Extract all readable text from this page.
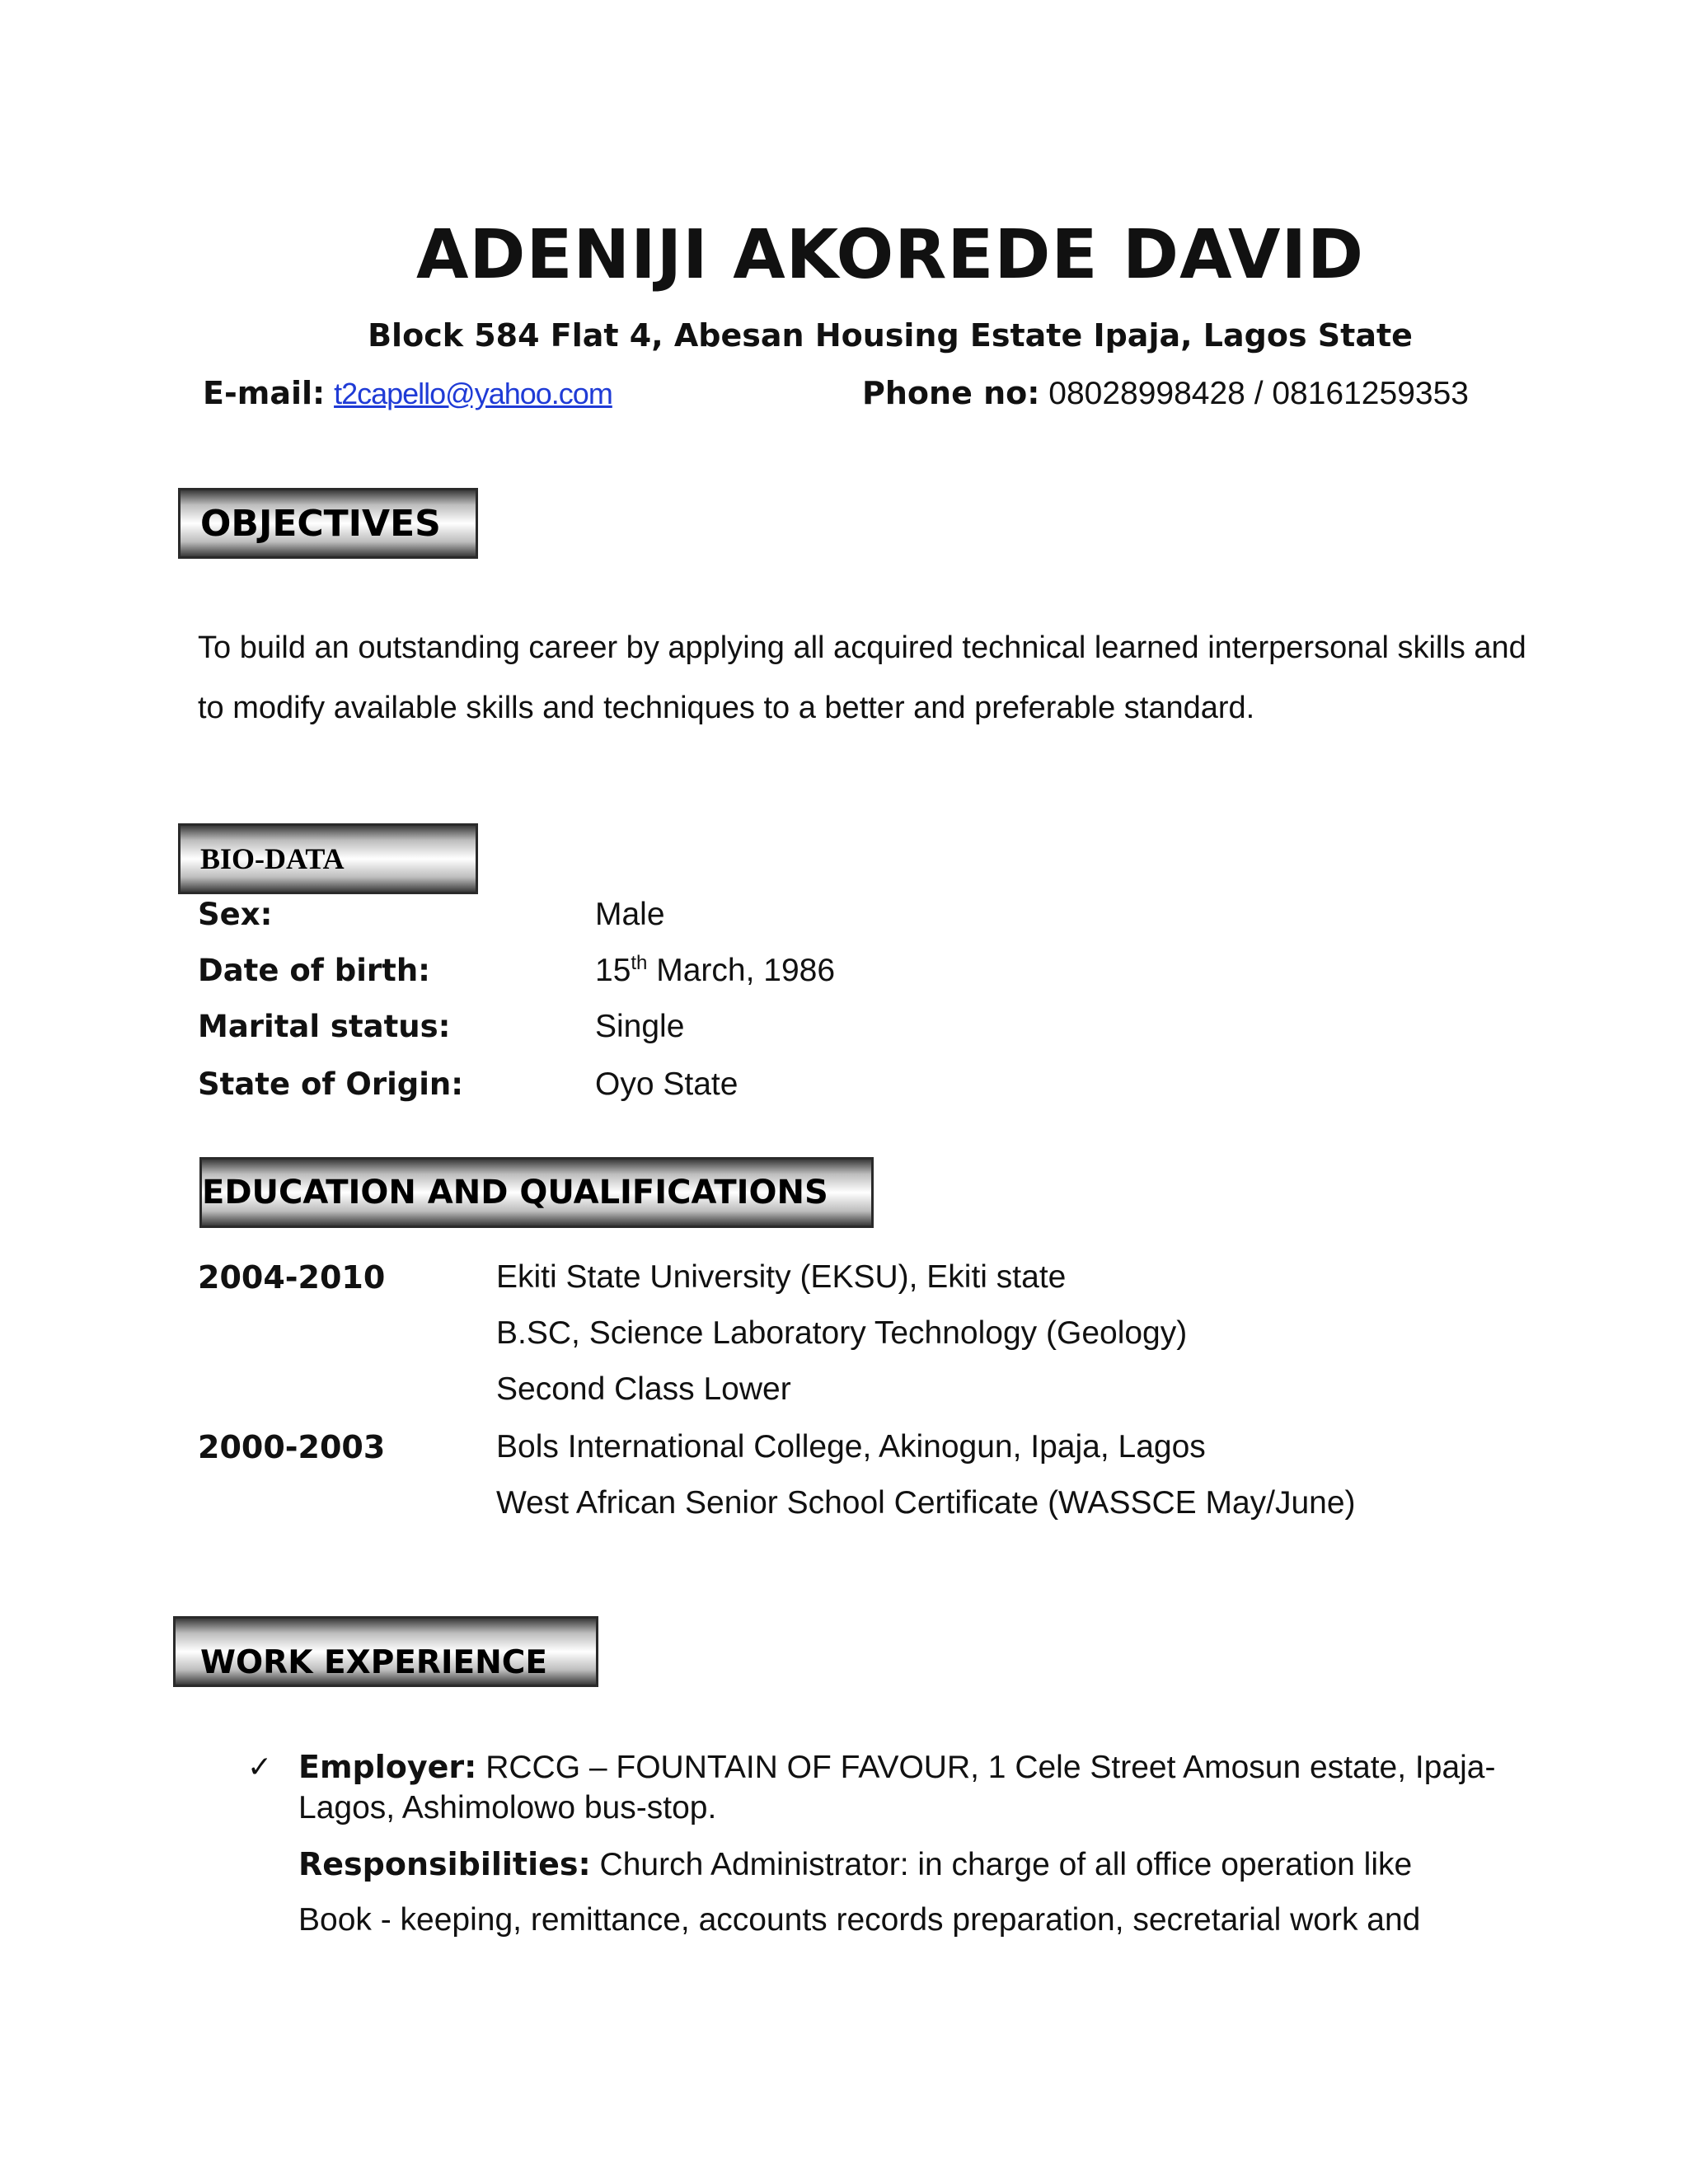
ADENIJI AKOREDE DAVID
Block 584 Flat 4, Abesan Housing Estate Ipaja, Lagos State
E-mail: t2capello@yahoo.com	Phone no: 08028998428 / 08161259353
OBJECTIVES
To build an outstanding career by applying all acquired technical learned interpersonal skills and to modify available skills and techniques to a better and preferable standard.
BIO-DATA
Sex:	Male
Date of birth:	15th March, 1986
Marital status:	Single
State of Origin:	Oyo State
EDUCATION AND QUALIFICATIONS
2004-2010	Ekiti State University (EKSU), Ekiti state
B.SC, Science Laboratory Technology (Geology)
Second Class Lower
2000-2003	Bols International College, Akinogun, Ipaja, Lagos
West African Senior School Certificate (WASSCE May/June)
WORK EXPERIENCE
✓ Employer: RCCG – FOUNTAIN OF FAVOUR, 1 Cele Street Amosun estate, Ipaja-
Lagos, Ashimolowo bus-stop.
Responsibilities: Church Administrator: in charge of all office operation like
Book - keeping, remittance, accounts records preparation, secretarial work and
